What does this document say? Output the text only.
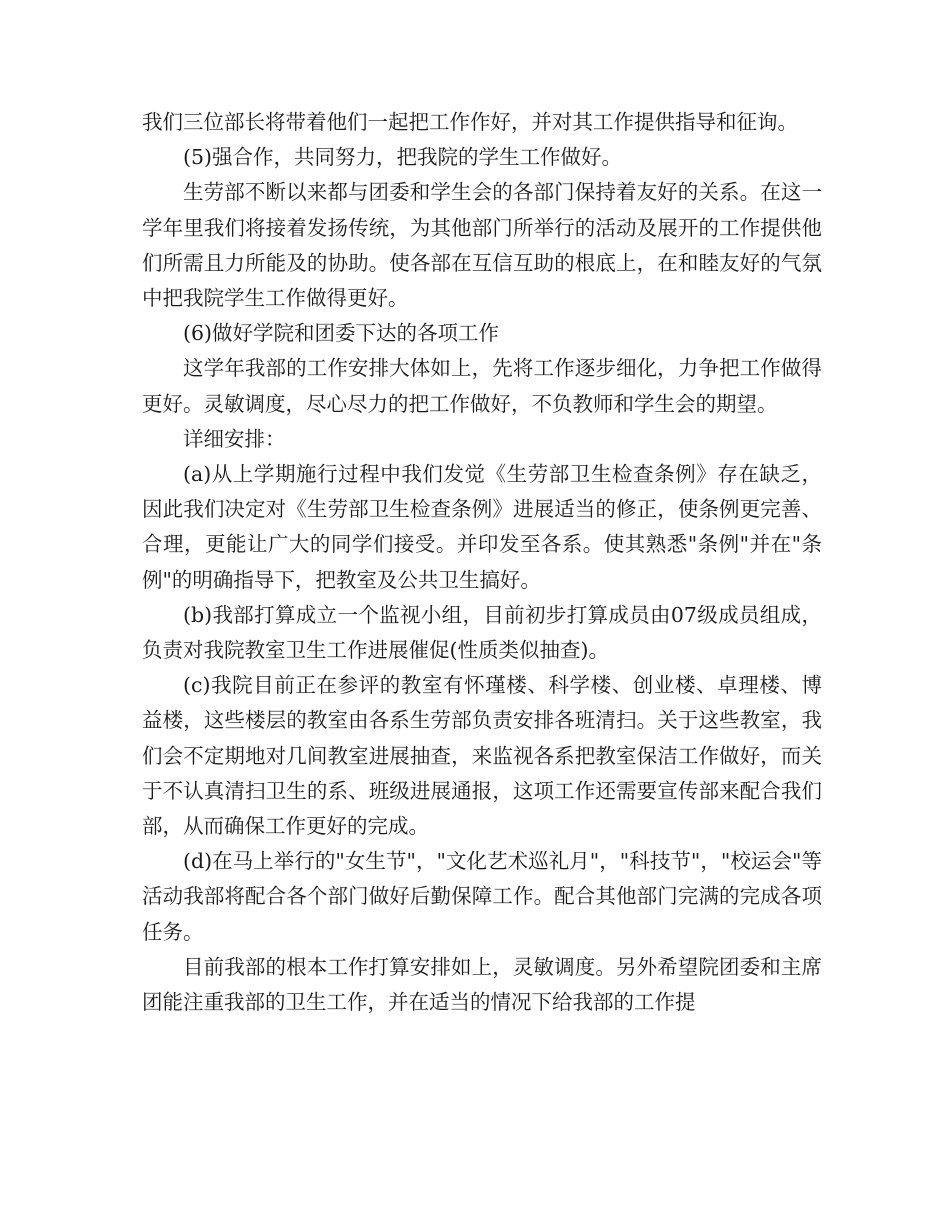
我们三位部长将带着他们一起把工作作好，并对其工作提供指导和征询。

(5)强合作，共同努力，把我院的学生工作做好。

生劳部不断以来都与团委和学生会的各部门保持着友好的关系。在这一学年里我们将接着发扬传统，为其他部门所举行的活动及展开的工作提供他们所需且力所能及的协助。使各部在互信互助的根底上，在和睦友好的气氛中把我院学生工作做得更好。

(6)做好学院和团委下达的各项工作

这学年我部的工作安排大体如上，先将工作逐步细化，力争把工作做得更好。灵敏调度，尽心尽力的把工作做好，不负教师和学生会的期望。

详细安排：

(a)从上学期施行过程中我们发觉《生劳部卫生检查条例》存在缺乏，因此我们决定对《生劳部卫生检查条例》进展适当的修正，使条例更完善、合理，更能让广大的同学们接受。并印发至各系。使其熟悉"条例"并在"条例"的明确指导下，把教室及公共卫生搞好。

(b)我部打算成立一个监视小组，目前初步打算成员由07级成员组成，负责对我院教室卫生工作进展催促(性质类似抽查)。

(c)我院目前正在参评的教室有怀瑾楼、科学楼、创业楼、卓理楼、博益楼，这些楼层的教室由各系生劳部负责安排各班清扫。关于这些教室，我们会不定期地对几间教室进展抽查，来监视各系把教室保洁工作做好，而关于不认真清扫卫生的系、班级进展通报，这项工作还需要宣传部来配合我们部，从而确保工作更好的完成。

(d)在马上举行的"女生节"，"文化艺术巡礼月"，"科技节"，"校运会"等活动我部将配合各个部门做好后勤保障工作。配合其他部门完满的完成各项任务。

目前我部的根本工作打算安排如上，灵敏调度。另外希望院团委和主席团能注重我部的卫生工作，并在适当的情况下给我部的工作提
